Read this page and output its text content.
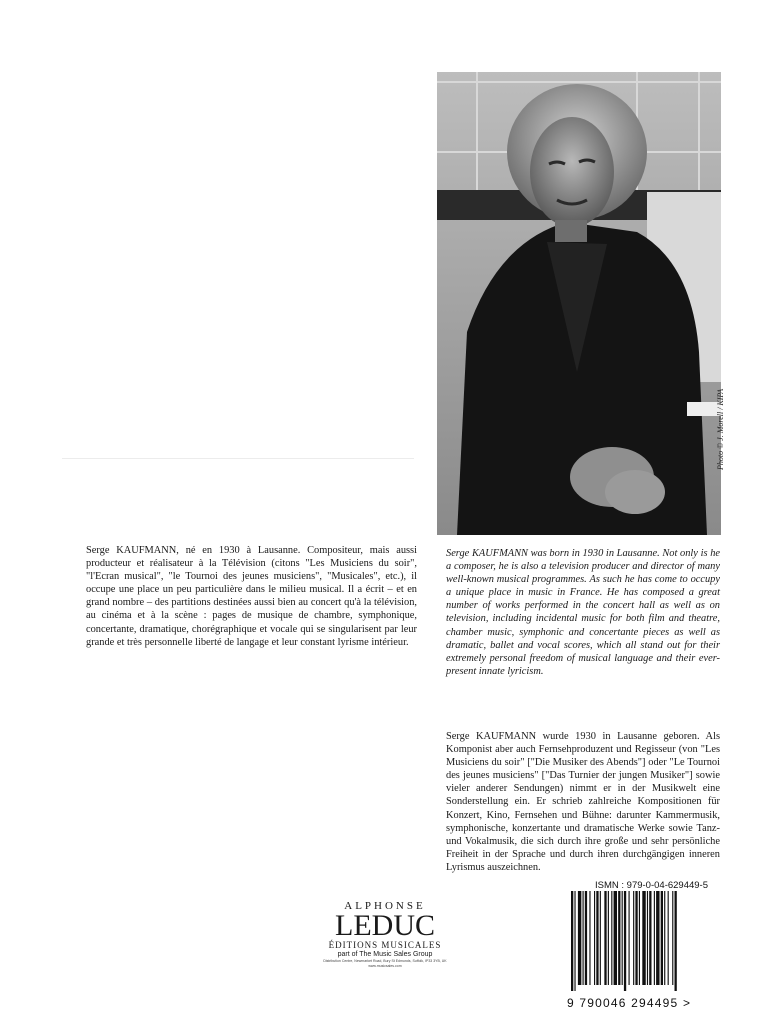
Photo © J. Morell / KIPA
Serge KAUFMANN, né en 1930 à Lausanne. Compositeur, mais aussi producteur et réalisateur à la Télévision (citons "Les Musiciens du soir", "l'Ecran musical", "le Tournoi des jeunes musiciens", "Musicales", etc.), il occupe une place un peu particulière dans le milieu musical. Il a écrit – et en grand nombre – des partitions destinées aussi bien au concert qu'à la télévision, au cinéma et à la scène : pages de musique de chambre, symphonique, concertante, dramatique, chorégraphique et vocale qui se singularisent par leur grande et très personnelle liberté de langage et leur constant lyrisme intérieur.
Serge KAUFMANN was born in 1930 in Lausanne. Not only is he a composer, he is also a television producer and director of many well-known musical programmes. As such he has come to occupy a unique place in music in France. He has composed a great number of works performed in the concert hall as well as on television, including incidental music for both film and theatre, chamber music, symphonic and concertante pieces as well as dramatic, ballet and vocal scores, which all stand out for their extremely personal freedom of musical language and their ever-present innate lyricism.
Serge KAUFMANN wurde 1930 in Lausanne geboren. Als Komponist aber auch Fernsehproduzent und Regisseur (von "Les Musiciens du soir" ["Die Musiker des Abends"] oder "Le Tournoi des jeunes musiciens" ["Das Turnier der jungen Musiker"] sowie vieler anderer Sendungen) nimmt er in der Musikwelt eine Sonderstellung ein. Er schrieb zahlreiche Kompositionen für Konzert, Kino, Fernsehen und Bühne: darunter Kammermusik, symphonische, konzertante und dramatische Werke sowie Tanz- und Vokalmusik, die sich durch ihre große und sehr persönliche Freiheit in der Sprache und durch ihren durchgängigen inneren Lyrismus auszeichnen.
ALPHONSE
LEDUC
ÉDITIONS MUSICALES
part of The Music Sales Group
Distribution Centre, Newmarket Road, Bury St Edmunds, Suffolk, IP33 3YB, UK
www.musicsales.com
ISMN : 979-0-04-629449-5
9 790046 294495 >
